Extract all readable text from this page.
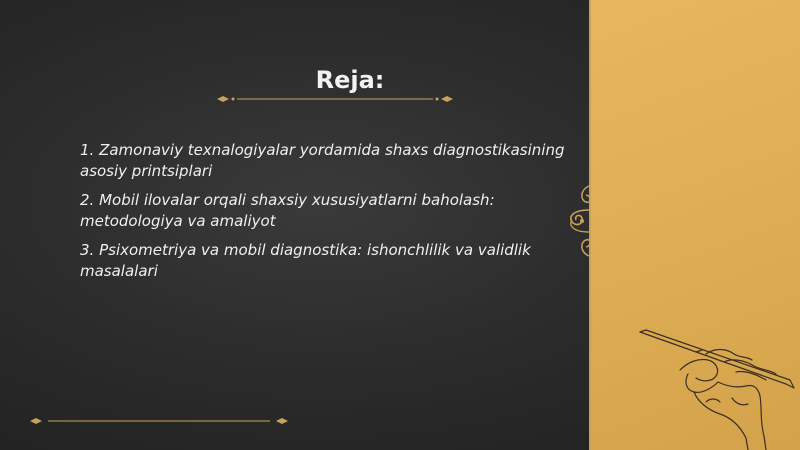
Reja:
1. Zamonaviy texnalogiyalar yordamida shaxs diagnostikasining asosiy printsiplari
2. Mobil ilovalar orqali shaxsiy xususiyatlarni baholash: metodologiya va amaliyot
3. Psixometriya va mobil diagnostika: ishonchlilik va validlik masalalari
